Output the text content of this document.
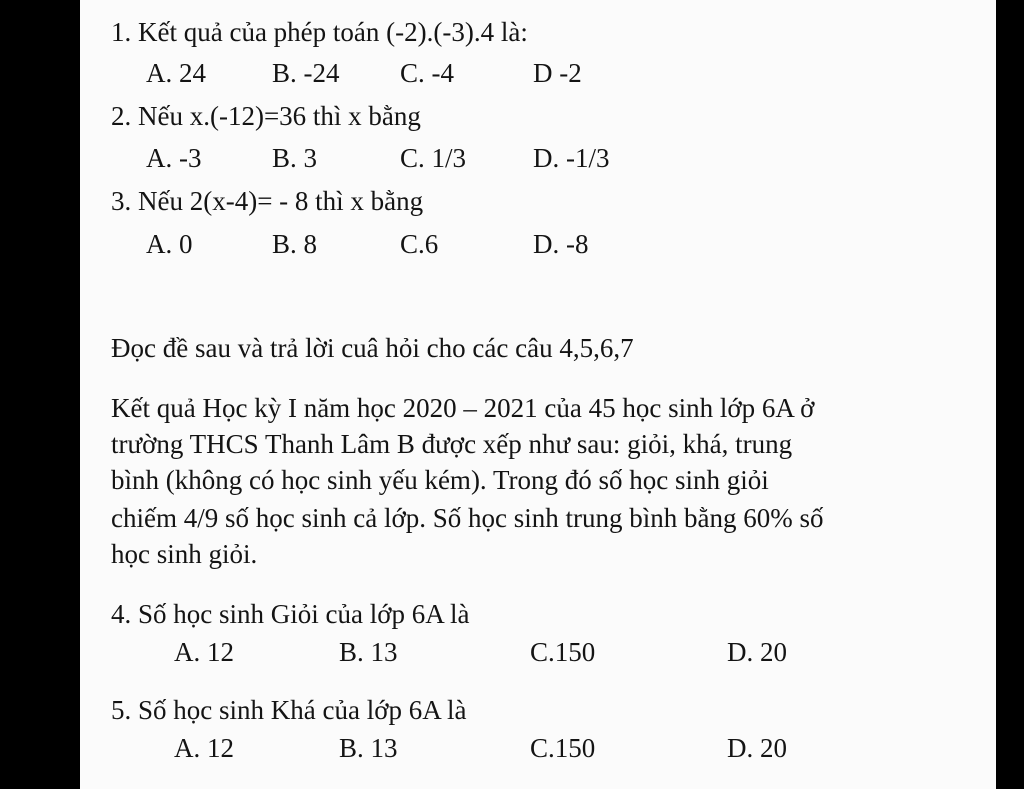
1. Kết quả của phép toán (-2).(-3).4 là:
A. 24 B. -24 C. -4	D -2
2. Nếu x.(-12)=36 thì x bằng
A. -3	B. 3	C. 1/3 D. -1/3
3. Nếu 2(x-4)= - 8 thì x bằng
A. 0	B. 8	C.6	D. -8
Đọc đề sau và trả lời cuâ hỏi cho các câu 4,5,6,7
Kết quả Học kỳ I năm học 2020 – 2021 của 45 học sinh lớp 6A ở
trường THCS Thanh Lâm B được xếp như sau: giỏi, khá, trung
bình (không có học sinh yếu kém). Trong đó số học sinh giỏi
chiếm 4/9 số học sinh cả lớp. Số học sinh trung bình bằng 60% số
học sinh giỏi.
4. Số học sinh Giỏi của lớp 6A là
A. 12	B. 13	C.150	D. 20
5. Số học sinh Khá của lớp 6A là
A. 12	B. 13	C.150	D. 20
